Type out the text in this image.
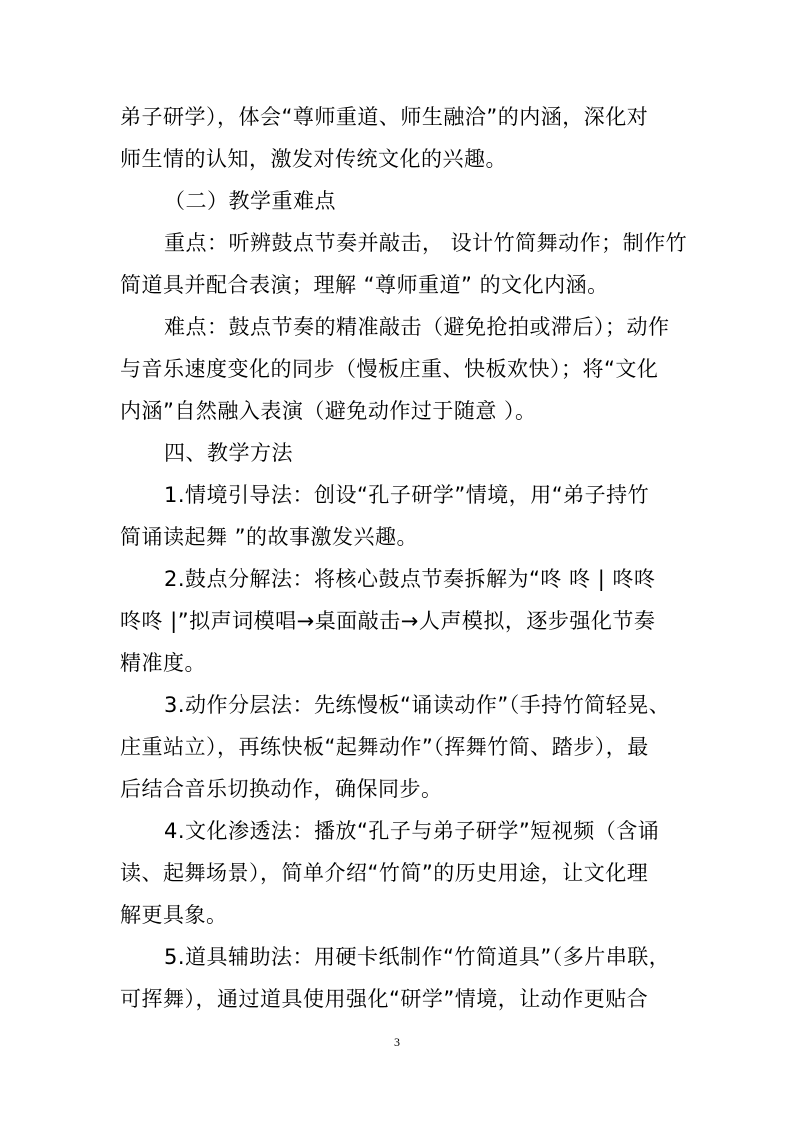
弟子研学），体会“尊师重道、师生融洽”的内涵，深化对
师生情的认知，激发对传统文化的兴趣。
（二）教学重难点
重点：听辨鼓点节奏并敲击， 设计竹简舞动作；制作竹
简道具并配合表演；理解 “尊师重道” 的文化内涵。
难点：鼓点节奏的精准敲击（避免抢拍或滞后）；动作
与音乐速度变化的同步（慢板庄重、快板欢快）；将“文化
内涵”自然融入表演（避免动作过于随意 ）。
四、教学方法
1.情境引导法：创设“孔子研学”情境，用“弟子持竹
简诵读起舞 ”的故事激发兴趣。
2.鼓点分解法：将核心鼓点节奏拆解为“咚 咚 | 咚咚
咚咚 |”拟声词模唱→桌面敲击→人声模拟，逐步强化节奏
精准度。
3.动作分层法：先练慢板“诵读动作”（手持竹简轻晃、
庄重站立），再练快板“起舞动作”（挥舞竹简、踏步），最
后结合音乐切换动作，确保同步。
4.文化渗透法：播放“孔子与弟子研学”短视频（含诵
读、起舞场景），简单介绍“竹简”的历史用途，让文化理
解更具象。
5.道具辅助法：用硬卡纸制作“竹简道具”（多片串联，
可挥舞），通过道具使用强化“研学”情境，让动作更贴合
3
